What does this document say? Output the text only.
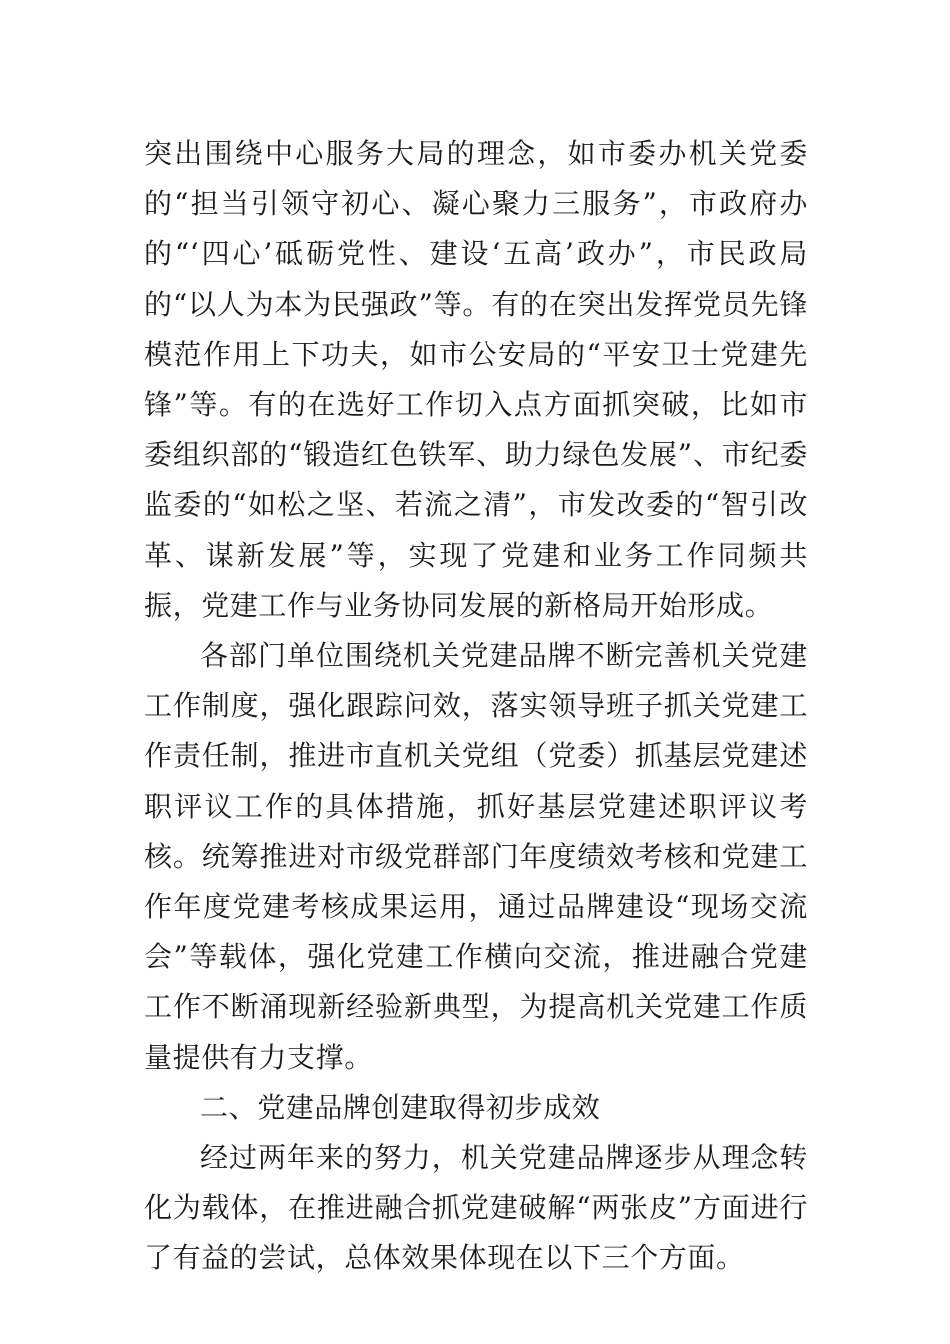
突出围绕中心服务大局的理念，如市委办机关党委的“担当引领守初心、凝心聚力三服务”，市政府办的“‘四心’砥砺党性、建设‘五高’政办”，市民政局的“以人为本为民强政”等。有的在突出发挥党员先锋模范作用上下功夫，如市公安局的“平安卫士党建先锋”等。有的在选好工作切入点方面抓突破，比如市委组织部的“锻造红色铁军、助力绿色发展”、市纪委监委的“如松之坚、若流之清”，市发改委的“智引改革、谋新发展”等，实现了党建和业务工作同频共振，党建工作与业务协同发展的新格局开始形成。

各部门单位围绕机关党建品牌不断完善机关党建工作制度，强化跟踪问效，落实领导班子抓关党建工作责任制，推进市直机关党组（党委）抓基层党建述职评议工作的具体措施，抓好基层党建述职评议考核。统筹推进对市级党群部门年度绩效考核和党建工作年度党建考核成果运用，通过品牌建设“现场交流会”等载体，强化党建工作横向交流，推进融合党建工作不断涌现新经验新典型，为提高机关党建工作质量提供有力支撑。

二、党建品牌创建取得初步成效

经过两年来的努力，机关党建品牌逐步从理念转化为载体，在推进融合抓党建破解“两张皮”方面进行了有益的尝试，总体效果体现在以下三个方面。
